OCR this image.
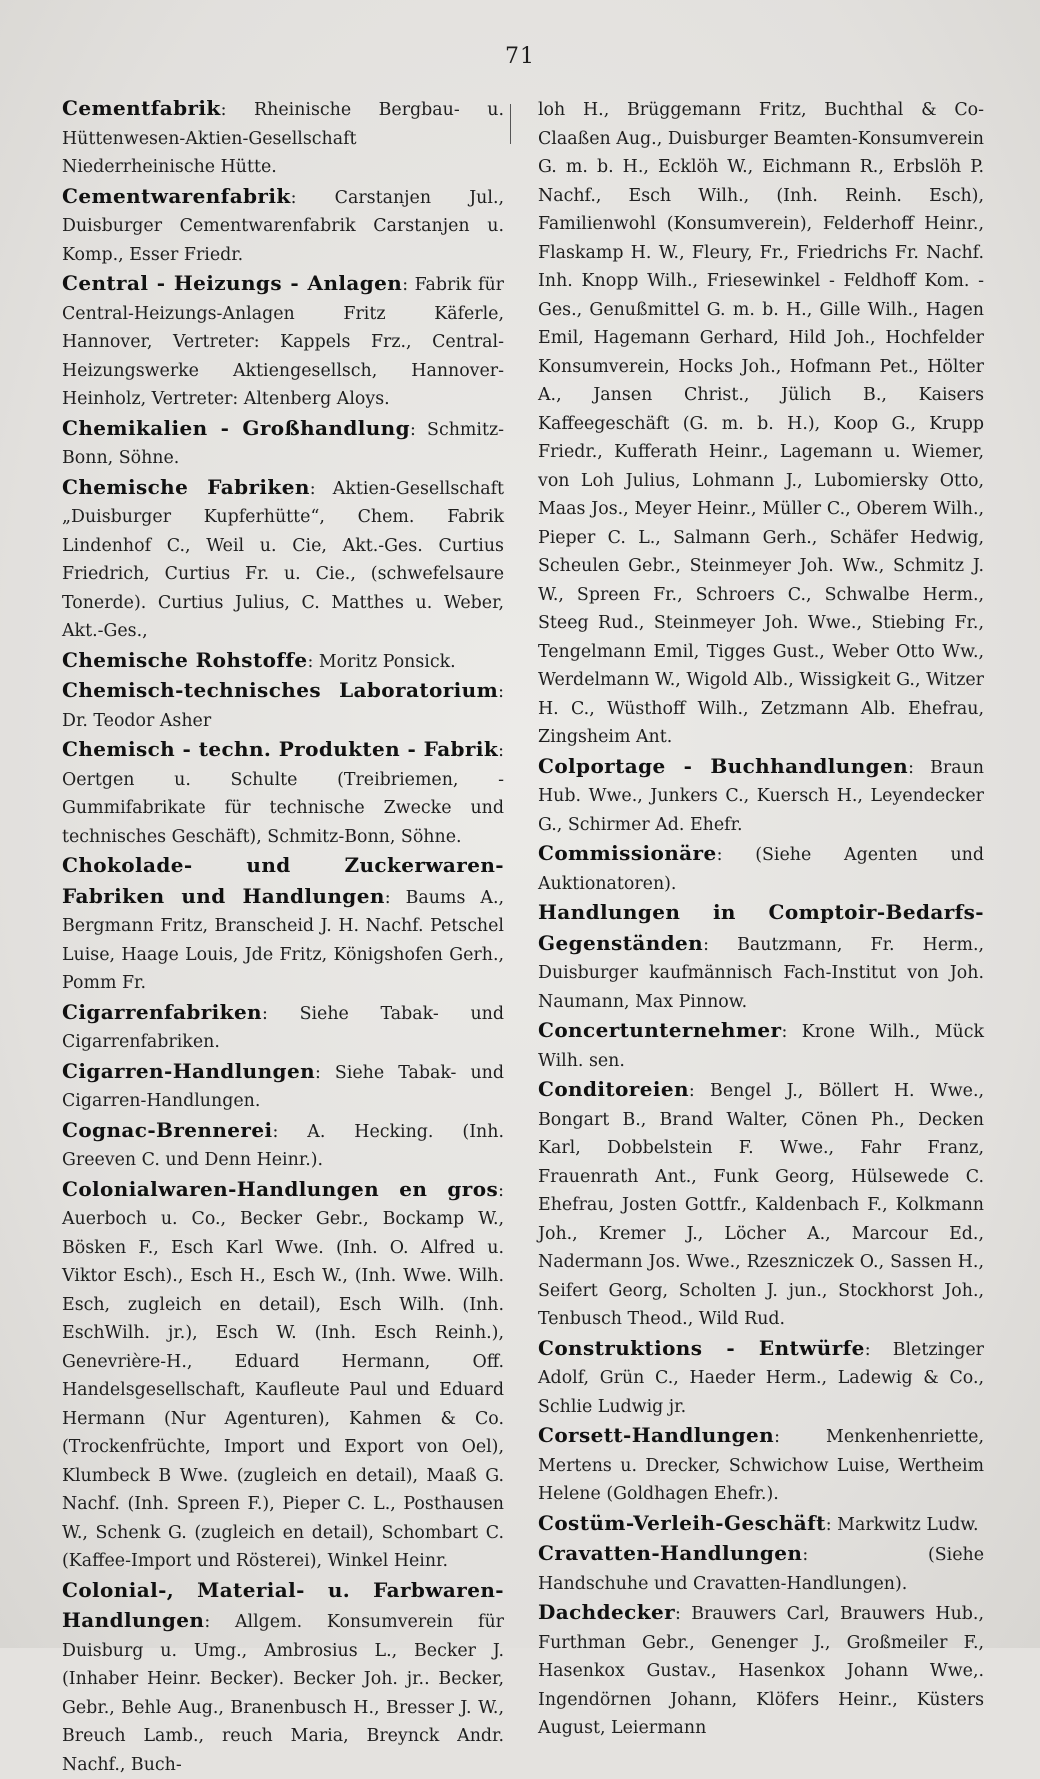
71

Cementfabrik: Rheinische Bergbau- u. Hüttenwesen-Aktien-Gesellschaft Niederrheinische Hütte.

Cementwarenfabrik: Carstanjen Jul., Duisburger Cementwarenfabrik Carstanjen u. Komp., Esser Friedr.

Central - Heizungs - Anlagen: Fabrik für Central-Heizungs-Anlagen Fritz Käferle, Hannover, Vertreter: Kappels Frz., Central-Heizungswerke Aktiengesellsch, Hannover-Heinholz, Vertreter: Altenberg Aloys.

Chemikalien - Großhandlung: Schmitz-Bonn, Söhne.

Chemische Fabriken: Aktien-Gesellschaft „Duisburger Kupferhütte“, Chem. Fabrik Lindenhof C., Weil u. Cie, Akt.-Ges. Curtius Friedrich, Curtius Fr. u. Cie., (schwefelsaure Tonerde). Curtius Julius, C. Matthes u. Weber, Akt.-Ges.,

Chemische Rohstoffe: Moritz Ponsick.

Chemisch-technisches Laboratorium: Dr. Teodor Asher

Chemisch - techn. Produkten - Fabrik: Oertgen u. Schulte (Treibriemen, -Gummifabrikate für technische Zwecke und technisches Geschäft), Schmitz-Bonn, Söhne.

Chokolade- und Zuckerwaren-Fabriken und Handlungen: Baums A., Bergmann Fritz, Branscheid J. H. Nachf. Petschel Luise, Haage Louis, Jde Fritz, Königshofen Gerh., Pomm Fr.

Cigarrenfabriken: Siehe Tabak- und Cigarrenfabriken.

Cigarren-Handlungen: Siehe Tabak- und Cigarren-Handlungen.

Cognac-Brennerei: A. Hecking. (Inh. Greeven C. und Denn Heinr.).

Colonialwaren-Handlungen en gros: Auerboch u. Co., Becker Gebr., Bockamp W., Bösken F., Esch Karl Wwe. (Inh. O. Alfred u. Viktor Esch)., Esch H., Esch W., (Inh. Wwe. Wilh. Esch, zugleich en detail), Esch Wilh. (Inh. EschWilh. jr.), Esch W. (Inh. Esch Reinh.), Genevrière-H., Eduard Hermann, Off. Handelsgesellschaft, Kaufleute Paul und Eduard Hermann (Nur Agenturen), Kahmen & Co. (Trockenfrüchte, Import und Export von Oel), Klumbeck B Wwe. (zugleich en detail), Maaß G. Nachf. (Inh. Spreen F.), Pieper C. L., Posthausen W., Schenk G. (zugleich en detail), Schombart C. (Kaffee-Import und Rösterei), Winkel Heinr.

Colonial-, Material- u. Farbwaren-Handlungen: Allgem. Konsumverein für Duisburg u. Umg., Ambrosius L., Becker J. (Inhaber Heinr. Becker). Becker Joh. jr.. Becker, Gebr., Behle Aug., Branenbusch H., Bresser J. W., Breuch Lamb., reuch Maria, Breynck Andr. Nachf., Buch-

loh H., Brüggemann Fritz, Buchthal & Co- Claaßen Aug., Duisburger Beamten-Konsumverein G. m. b. H., Ecklöh W., Eichmann R., Erbslöh P. Nachf., Esch Wilh., (Inh. Reinh. Esch), Familienwohl (Konsumverein), Felderhoff Heinr., Flaskamp H. W., Fleury, Fr., Friedrichs Fr. Nachf. Inh. Knopp Wilh., Friesewinkel - Feldhoff Kom. - Ges., Genußmittel G. m. b. H., Gille Wilh., Hagen Emil, Hagemann Gerhard, Hild Joh., Hochfelder Konsumverein, Hocks Joh., Hofmann Pet., Hölter A., Jansen Christ., Jülich B., Kaisers Kaffeegeschäft (G. m. b. H.), Koop G., Krupp Friedr., Kufferath Heinr., Lagemann u. Wiemer, von Loh Julius, Lohmann J., Lubomiersky Otto, Maas Jos., Meyer Heinr., Müller C., Oberem Wilh., Pieper C. L., Salmann Gerh., Schäfer Hedwig, Scheulen Gebr., Steinmeyer Joh. Ww., Schmitz J. W., Spreen Fr., Schroers C., Schwalbe Herm., Steeg Rud., Steinmeyer Joh. Wwe., Stiebing Fr., Tengelmann Emil, Tigges Gust., Weber Otto Ww., Werdelmann W., Wigold Alb., Wissigkeit G., Witzer H. C., Wüsthoff Wilh., Zetzmann Alb. Ehefrau, Zingsheim Ant.

Colportage - Buchhandlungen: Braun Hub. Wwe., Junkers C., Kuersch H., Leyendecker G., Schirmer Ad. Ehefr.

Commissionäre: (Siehe Agenten und Auktionatoren).

Handlungen in Comptoir-Bedarfs-Gegenständen: Bautzmann, Fr. Herm., Duisburger kaufmännisch Fach-Institut von Joh. Naumann, Max Pinnow.

Concertunternehmer: Krone Wilh., Mück Wilh. sen.

Conditoreien: Bengel J., Böllert H. Wwe., Bongart B., Brand Walter, Cönen Ph., Decken Karl, Dobbelstein F. Wwe., Fahr Franz, Frauenrath Ant., Funk Georg, Hülsewede C. Ehefrau, Josten Gottfr., Kaldenbach F., Kolkmann Joh., Kremer J., Löcher A., Marcour Ed., Nadermann Jos. Wwe., Rzeszniczek O., Sassen H., Seifert Georg, Scholten J. jun., Stockhorst Joh., Tenbusch Theod., Wild Rud.

Construktions - Entwürfe: Bletzinger Adolf, Grün C., Haeder Herm., Ladewig & Co., Schlie Ludwig jr.

Corsett-Handlungen: Menkenhenriette, Mertens u. Drecker, Schwichow Luise, Wertheim Helene (Goldhagen Ehefr.).

Costüm-Verleih-Geschäft: Markwitz Ludw.

Cravatten-Handlungen: (Siehe Handschuhe und Cravatten-Handlungen).

Dachdecker: Brauwers Carl, Brauwers Hub., Furthman Gebr., Genenger J., Großmeiler F., Hasenkox Gustav., Hasenkox Johann Wwe,. Ingendörnen Johann, Klöfers Heinr., Küsters August, Leiermann
